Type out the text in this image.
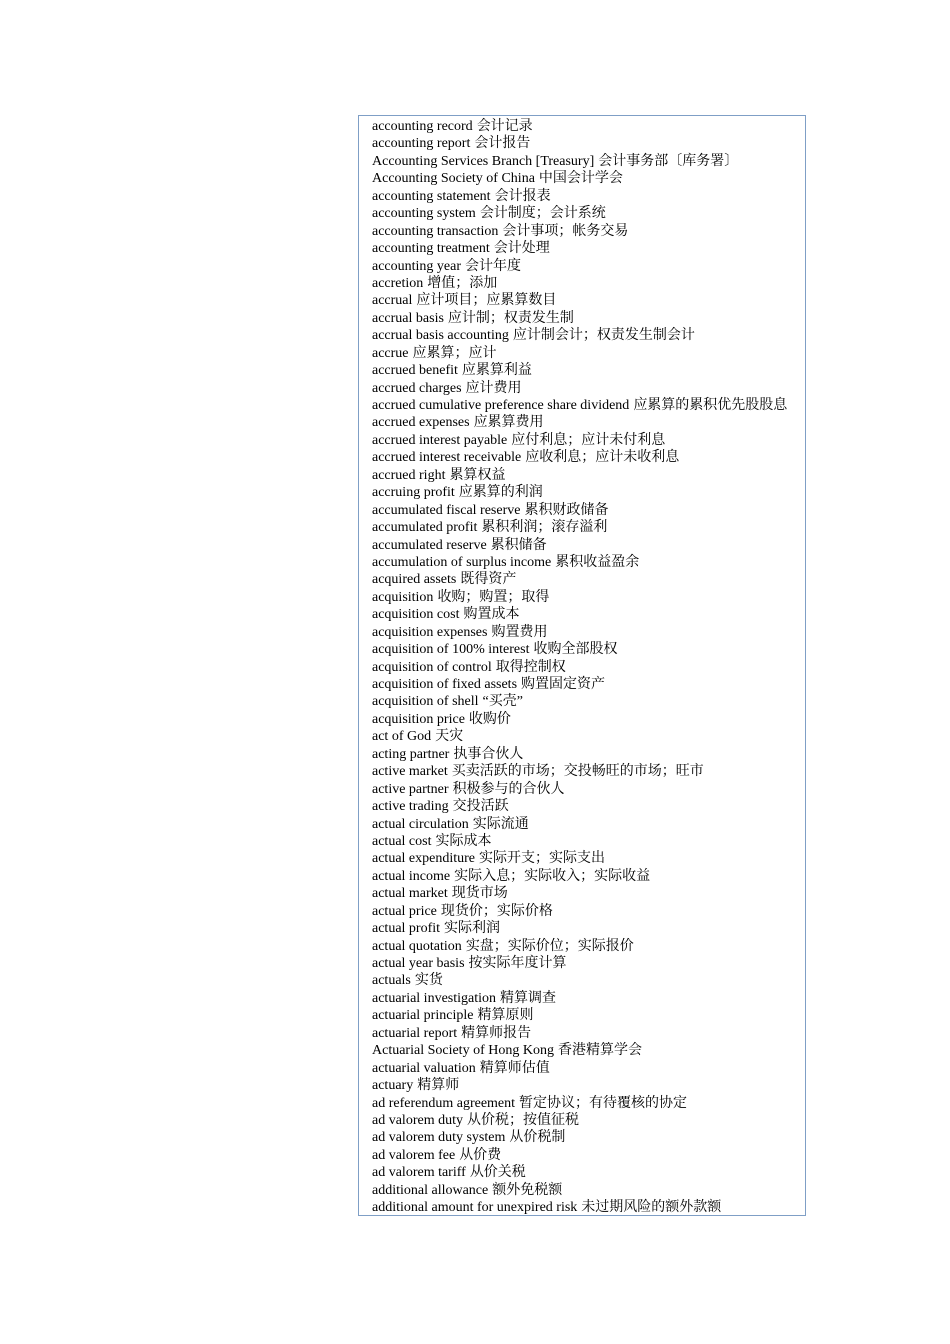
accounting record 会计记录
accounting report 会计报告
Accounting Services Branch [Treasury] 会计事务部〔库务署〕
Accounting Society of China 中国会计学会
accounting statement 会计报表
accounting system 会计制度；会计系统
accounting transaction 会计事项；帐务交易
accounting treatment 会计处理
accounting year 会计年度
accretion 增值；添加
accrual 应计项目；应累算数目
accrual basis 应计制；权责发生制
accrual basis accounting 应计制会计；权责发生制会计
accrue 应累算；应计
accrued benefit 应累算利益
accrued charges 应计费用
accrued cumulative preference share dividend 应累算的累积优先股股息
accrued expenses 应累算费用
accrued interest payable 应付利息；应计未付利息
accrued interest receivable 应收利息；应计未收利息
accrued right 累算权益
accruing profit 应累算的利润
accumulated fiscal reserve 累积财政储备
accumulated profit 累积利润；滚存溢利
accumulated reserve 累积储备
accumulation of surplus income 累积收益盈余
acquired assets 既得资产
acquisition 收购；购置；取得
acquisition cost 购置成本
acquisition expenses 购置费用
acquisition of 100% interest 收购全部股权
acquisition of control 取得控制权
acquisition of fixed assets 购置固定资产
acquisition of shell “买壳”
acquisition price 收购价
act of God 天灾
acting partner 执事合伙人
active market 买卖活跃的市场；交投畅旺的市场；旺市
active partner 积极参与的合伙人
active trading 交投活跃
actual circulation 实际流通
actual cost 实际成本
actual expenditure 实际开支；实际支出
actual income 实际入息；实际收入；实际收益
actual market 现货市场
actual price 现货价；实际价格
actual profit 实际利润
actual quotation 实盘；实际价位；实际报价
actual year basis 按实际年度计算
actuals 实货
actuarial investigation 精算调查
actuarial principle 精算原则
actuarial report 精算师报告
Actuarial Society of Hong Kong 香港精算学会
actuarial valuation 精算师估值
actuary 精算师
ad referendum agreement 暂定协议；有待覆核的协定
ad valorem duty 从价税；按值征税
ad valorem duty system 从价税制
ad valorem fee 从价费
ad valorem tariff 从价关税
additional allowance 额外免税额
additional amount for unexpired risk 未过期风险的额外款额
